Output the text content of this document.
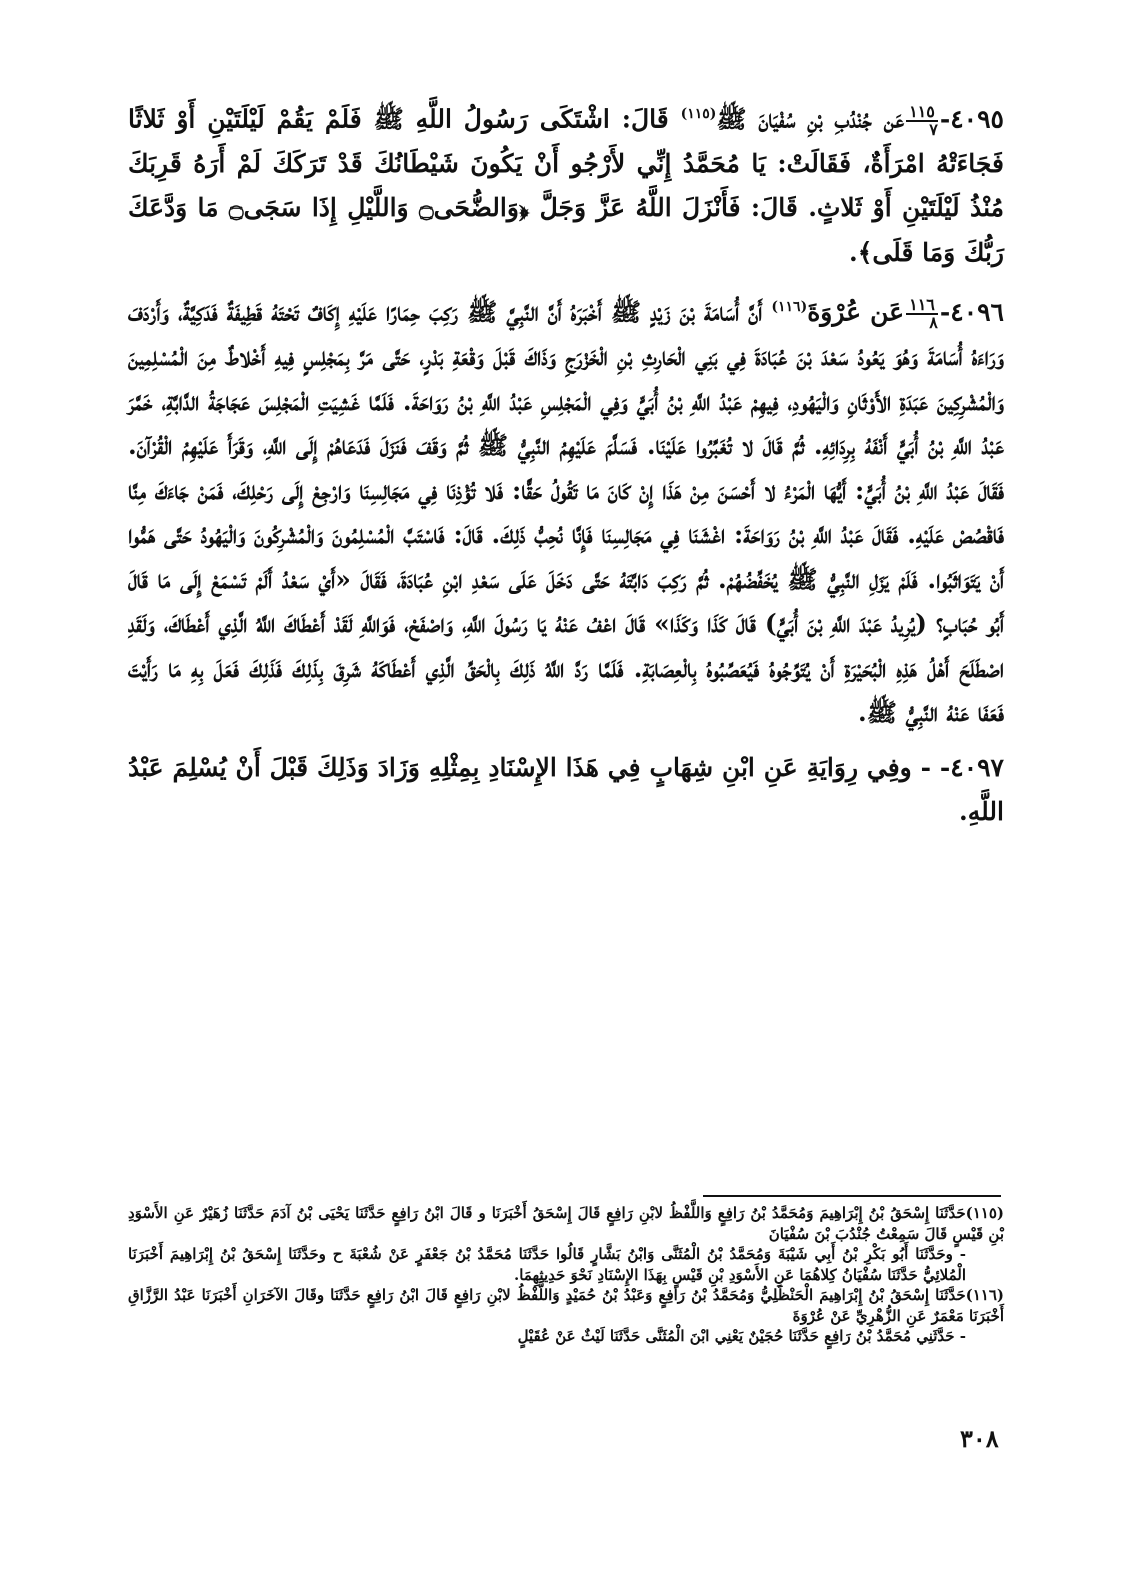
٤٠٩٥-
$\frac{١١٥}{٧}$
عَن جُنْدُبِ بْنِ سُفْيَانَ ﷺ$^{(١١٥)}$ قَالَ: اشْتَكَى رَسُولُ اللَّهِ ﷺ فَلَمْ يَقُمْ لَيْلَتَيْنِ أَوْ ثَلاثًا فَجَاءَتْهُ امْرَأَةٌ، فَقَالَتْ: يَا مُحَمَّدُ إِنِّي لأَرْجُو أَنْ يَكُونَ شَيْطَانُكَ قَدْ تَرَكَكَ لَمْ أَرَهُ قَرِبَكَ مُنْذُ لَيْلَتَيْنِ أَوْ ثَلاثٍ. قَالَ: فَأَنْزَلَ اللَّهُ عَزَّ وَجَلَّ ﴿وَالضُّحَى۝ وَاللَّيْلِ إِذَا سَجَى۝ مَا وَدَّعَكَ رَبُّكَ وَمَا قَلَى﴾.

٤٠٩٦-
$\frac{١١٦}{٨}$
عَن عُرْوَةَ$^{(١١٦)}$ أَنَّ أُسَامَةَ بْنَ زَيْدٍ ﷺ أَخْبَرَهُ أَنَّ النَّبِيَّ ﷺ رَكِبَ حِمَارًا عَلَيْهِ إِكَافٌ تَحْتَهُ قَطِيفَةٌ فَدَكِيَّةٌ، وَأَرْدَفَ وَرَاءَهُ أُسَامَةَ وَهُوَ يَعُودُ سَعْدَ بْنَ عُبَادَةَ فِي بَنِي الْحَارِثِ بْنِ الْخَزْرَجِ وَذَاكَ قَبْلَ وَقْعَةِ بَدْرٍ، حَتَّى مَرَّ بِمَجْلِسٍ فِيهِ أَخْلاطٌ مِنَ الْمُسْلِمِينَ وَالْمُشْرِكِينَ عَبَدَةِ الأَوْثَانِ وَالْيَهُودِ، فِيهِمْ عَبْدُ اللَّهِ بْنُ أُبَيٍّ وَفِي الْمَجْلِسِ عَبْدُ اللَّهِ بْنُ رَوَاحَةَ. فَلَمَّا غَشِيَتِ الْمَجْلِسَ عَجَاجَةُ الدَّابَّةِ، خَمَّرَ عَبْدُ اللَّهِ بْنُ أُبَيٍّ أَنْفَهُ بِرِدَائِهِ. ثُمَّ قَالَ لا تُغَبِّرُوا عَلَيْنَا. فَسَلَّمَ عَلَيْهِمُ النَّبِيُّ ﷺ ثُمَّ وَقَفَ فَنَزَلَ فَدَعَاهُمْ إِلَى اللَّهِ، وَقَرَأَ عَلَيْهِمُ الْقُرْآنَ. فَقَالَ عَبْدُ اللَّهِ بْنُ أُبَيٍّ: أَيُّهَا الْمَرْءُ لا أَحْسَنَ مِنْ هَذَا إِنْ كَانَ مَا تَقُولُ حَقًّا: فَلا تُؤْذِنَا فِي مَجَالِسِنَا وَارْجِعْ إِلَى رَحْلِكَ، فَمَنْ جَاءَكَ مِنَّا فَاقْصُصْ عَلَيْهِ. فَقَالَ عَبْدُ اللَّهِ بْنُ رَوَاحَةَ: اغْشَنَا فِي مَجَالِسِنَا فَإِنَّا نُحِبُّ ذَلِكَ. قَالَ: فَاسْتَبَّ الْمُسْلِمُونَ وَالْمُشْرِكُونَ وَالْيَهُودُ حَتَّى هَمُّوا أَنْ يَتَوَاثَبُوا. فَلَمْ يَزَلِ النَّبِيُّ ﷺ يُخَفِّضُهُمْ. ثُمَّ رَكِبَ دَابَّتَهُ حَتَّى دَخَلَ عَلَى سَعْدِ ابْنِ عُبَادَةَ، فَقَالَ «أَيْ سَعْدُ أَلَمْ تَسْمَعْ إِلَى مَا قَالَ أَبُو حُبَابٍ؟ (يُرِيدُ عَبْدَ اللَّهِ بْنَ أُبَيٍّ) قَالَ كَذَا وَكَذَا» قَالَ اعْفُ عَنْهُ يَا رَسُولَ اللَّهِ، وَاصْفَحْ، فَوَاللَّهِ لَقَدْ أَعْطَاكَ اللَّهُ الَّذِي أَعْطَاكَ، وَلَقَدِ اصْطَلَحَ أَهْلُ هَذِهِ الْبُحَيْرَةِ أَنْ يُتَوِّجُوهُ فَيُعَصِّبُوهُ بِالْعِصَابَةِ. فَلَمَّا رَدَّ اللَّهُ ذَلِكَ بِالْحَقِّ الَّذِي أَعْطَاكَهُ شَرِقَ بِذَلِكَ فَذَلِكَ فَعَلَ بِهِ مَا رَأَيْتَ فَعَفَا عَنْهُ النَّبِيُّ ﷺ.

٤٠٩٧- - وفِي رِوَايَةِ عَنِ ابْنِ شِهَابٍ فِي هَذَا الإِسْنَادِ بِمِثْلِهِ وَزَادَ وَذَلِكَ قَبْلَ أَنْ يُسْلِمَ عَبْدُ اللَّهِ.

(١١٥)حَدَّثَنَا إِسْحَقُ بْنُ إِبْرَاهِيمَ وَمُحَمَّدُ بْنُ رَافِعٍ وَاللَّفْظُ لابْنِ رَافِعٍ قَالَ إِسْحَقُ أَخْبَرَنَا و قَالَ ابْنُ رَافِعٍ حَدَّثَنَا يَحْيَى بْنُ آدَمَ حَدَّثَنَا زُهَيْرٌ عَنِ الأَسْوَدِ بْنِ قَيْسٍ قَالَ سَمِعْتُ جُنْدُبَ بْنَ سُفْيَانَ

- وحَدَّثَنَا أَبُو بَكْرِ بْنُ أَبِي شَيْبَةَ وَمُحَمَّدُ بْنُ الْمُثَنَّى وَابْنُ بَشَّارٍ قَالُوا حَدَّثَنَا مُحَمَّدُ بْنُ جَعْفَرٍ عَنْ شُعْبَةَ ح وحَدَّثَنَا إِسْحَقُ بْنُ إِبْرَاهِيمَ أَخْبَرَنَا الْمُلائِيُّ حَدَّثَنَا سُفْيَانُ كِلاهُمَا عَنِ الأَسْوَدِ بْنِ قَيْسٍ بِهَذَا الإِسْنَادِ نَحْوَ حَدِيثِهِمَا.

(١١٦)حَدَّثَنَا إِسْحَقُ بْنُ إِبْرَاهِيمَ الْحَنْظَلِيُّ وَمُحَمَّدُ بْنُ رَافِعٍ وَعَبْدُ بْنُ حُمَيْدٍ وَاللَّفْظُ لابْنِ رَافِعٍ قَالَ ابْنُ رَافِعٍ حَدَّثَنَا وقَالَ الآخَرَانِ أَخْبَرَنَا عَبْدُ الرَّزَّاقِ أَخْبَرَنَا مَعْمَرٌ عَنِ الزُّهْرِيِّ عَنْ عُرْوَةَ

- حَدَّثَنِي مُحَمَّدُ بْنُ رَافِعٍ حَدَّثَنَا حُجَيْنٌ يَعْنِي ابْنَ الْمُثَنَّى حَدَّثَنَا لَيْثٌ عَنْ عُقَيْلٍ

٣٠٨
